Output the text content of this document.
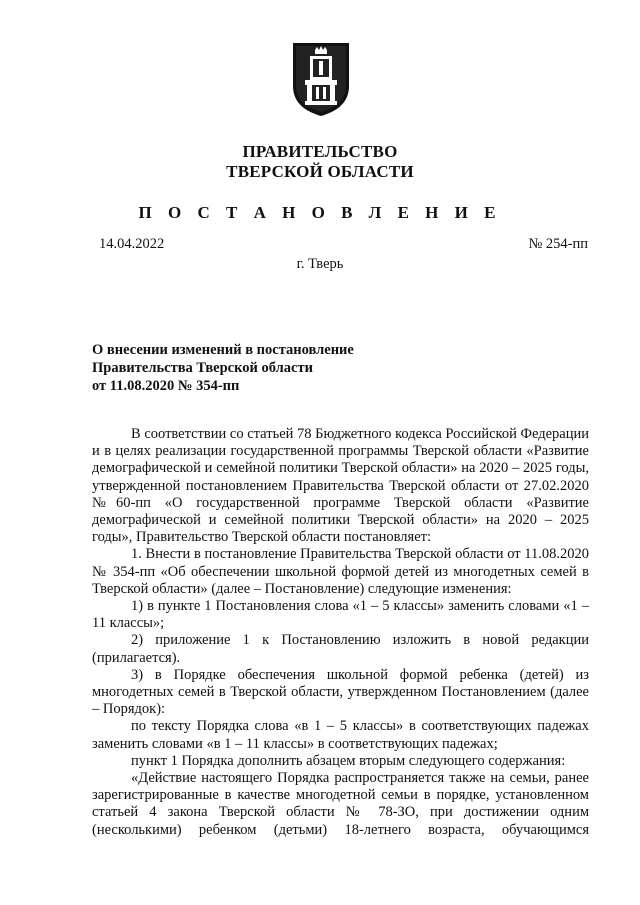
ПРАВИТЕЛЬСТВО
ТВЕРСКОЙ ОБЛАСТИ
П О С Т А Н О В Л Е Н И Е
14.04.2022	№ 254-пп
г. Тверь
О внесении изменений в постановление
Правительства Тверской области
от 11.08.2020 № 354-пп

В соответствии со статьей 78 Бюджетного кодекса Российской Федерации и в целях реализации государственной программы Тверской области «Развитие демографической и семейной политики Тверской области» на 2020 – 2025 годы, утвержденной постановлением Правительства Тверской области от 27.02.2020 №60-пп «О государственной программе Тверской области «Развитие демографической и семейной политики Тверской области» на 2020 – 2025 годы», Правительство Тверской области постановляет:

1. Внести в постановление Правительства Тверской области от 11.08.2020 № 354-пп «Об обеспечении школьной формой детей из многодетных семей в Тверской области» (далее – Постановление) следующие изменения:

1) в пункте 1 Постановления слова «1 – 5 классы» заменить словами «1 – 11 классы»;

2) приложение 1 к Постановлению изложить в новой редакции (прилагается).

3) в Порядке обеспечения школьной формой ребенка (детей) из многодетных семей в Тверской области, утвержденном Постановлением (далее – Порядок):

по тексту Порядка слова «в 1 – 5 классы» в соответствующих падежах заменить словами «в 1 – 11 классы» в соответствующих падежах;

пункт 1 Порядка дополнить абзацем вторым следующего содержания:

«Действие настоящего Порядка распространяется также на семьи, ранее зарегистрированные в качестве многодетной семьи в порядке, установленном статьей 4 закона Тверской области № 78-ЗО, при достижении одним (несколькими) ребенком (детьми) 18-летнего возраста, обучающимся
